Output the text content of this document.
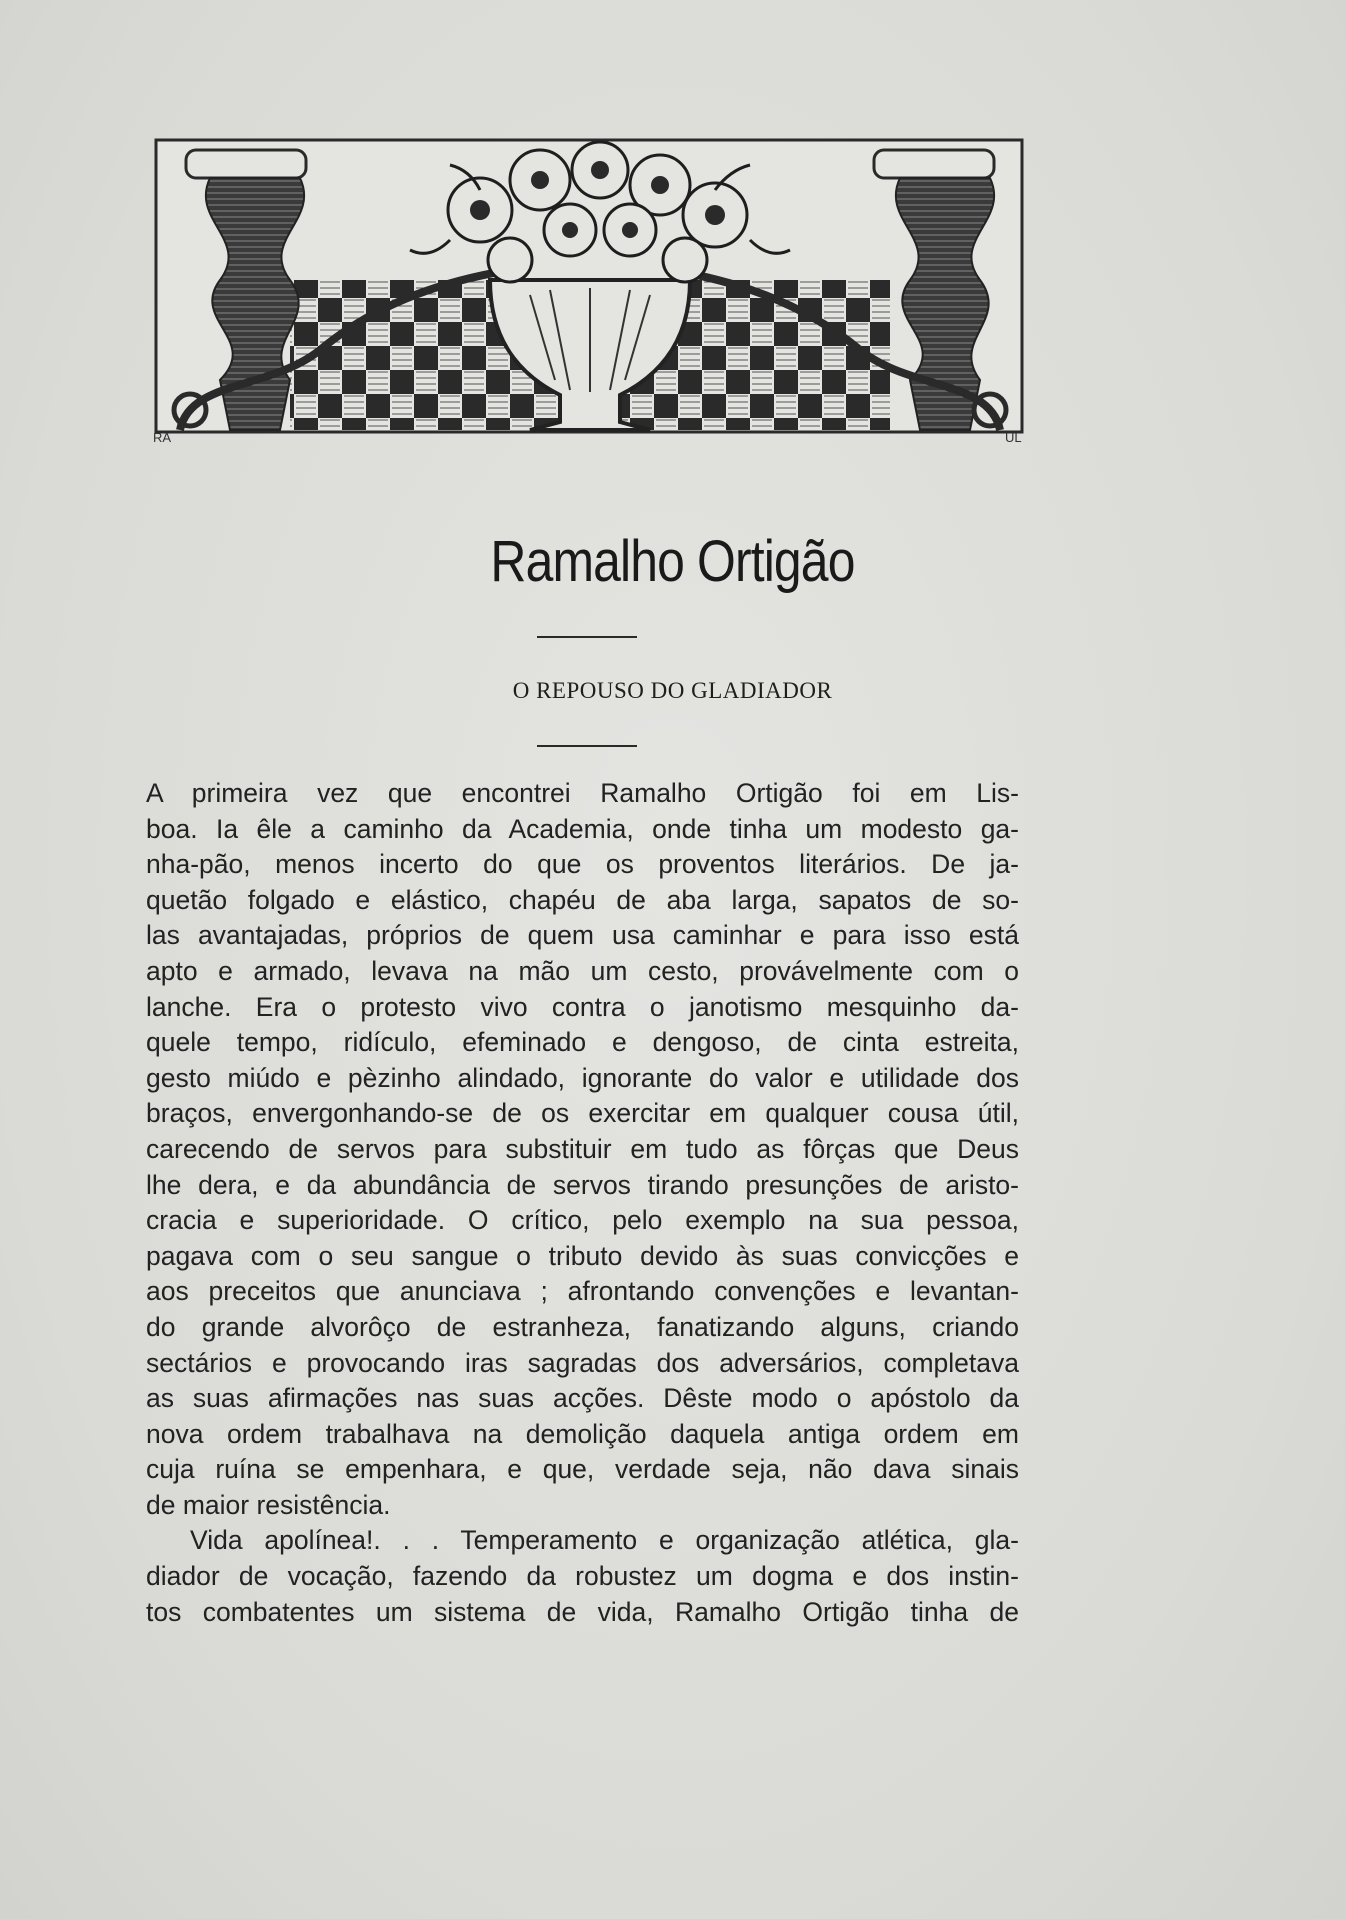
RA	UL
Ramalho Ortigão
O REPOUSO DO GLADIADOR

A primeira vez que encontrei Ramalho Ortigão foi em Lis-

boa. Ia êle a caminho da Academia, onde tinha um modesto ga-

nha-pão, menos incerto do que os proventos literários. De ja-

quetão folgado e elástico, chapéu de aba larga, sapatos de so-

las avantajadas, próprios de quem usa caminhar e para isso está

apto e armado, levava na mão um cesto, provávelmente com o

lanche. Era o protesto vivo contra o janotismo mesquinho da-

quele tempo, ridículo, efeminado e dengoso, de cinta estreita,

gesto miúdo e pèzinho alindado, ignorante do valor e utilidade dos

braços, envergonhando-se de os exercitar em qualquer cousa útil,

carecendo de servos para substituir em tudo as fôrças que Deus

lhe dera, e da abundância de servos tirando presunções de aristo-

cracia e superioridade. O crítico, pelo exemplo na sua pessoa,

pagava com o seu sangue o tributo devido às suas convicções e

aos preceitos que anunciava ; afrontando convenções e levantan-

do grande alvorôço de estranheza, fanatizando alguns, criando

sectários e provocando iras sagradas dos adversários, completava

as suas afirmações nas suas acções. Dêste modo o apóstolo da

nova ordem trabalhava na demolição daquela antiga ordem em

cuja ruína se empenhara, e que, verdade seja, não dava sinais

de maior resistência.

Vida apolínea!. . . Temperamento e organização atlética, gla-

diador de vocação, fazendo da robustez um dogma e dos instin-

tos combatentes um sistema de vida, Ramalho Ortigão tinha de
